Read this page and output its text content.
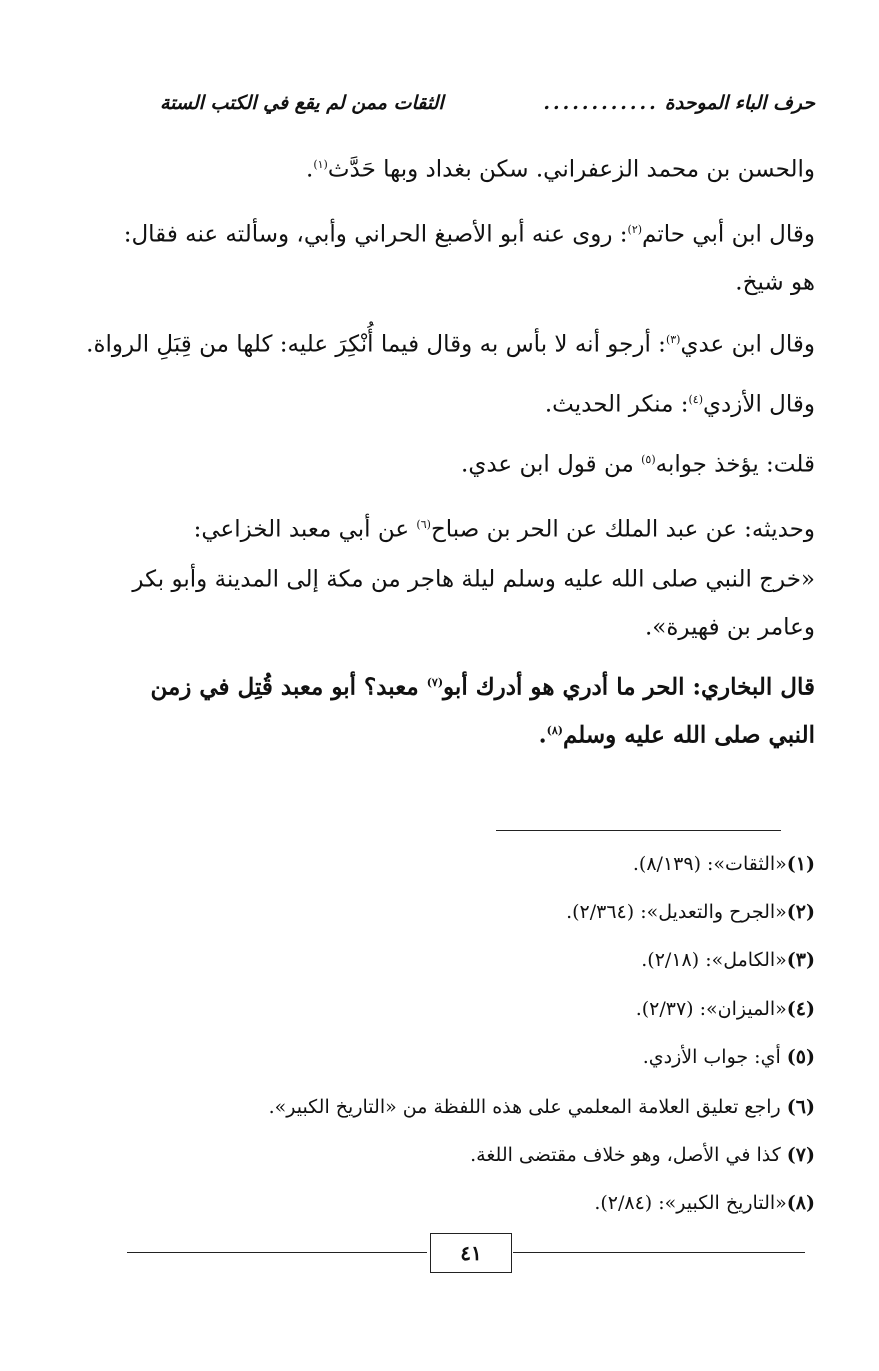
حرف الباء الموحدة
............
الثقات ممن لم يقع في الكتب الستة
والحسن بن محمد الزعفراني. سكن بغداد وبها حَدَّث$^{(١)}$.
وقال ابن أبي حاتم$^{(٢)}$: روى عنه أبو الأصبغ الحراني وأبي، وسألته عنه فقال:
هو شيخ.
وقال ابن عدي$^{(٣)}$: أرجو أنه لا بأس به وقال فيما أُنْكِرَ عليه: كلها من قِبَلِ الرواة.
وقال الأزدي$^{(٤)}$: منكر الحديث.
قلت: يؤخذ جوابه$^{(٥)}$ من قول ابن عدي.
وحديثه: عن عبد الملك عن الحر بن صباح$^{(٦)}$ عن أبي معبد الخزاعي:
«خرج النبي صلى الله عليه وسلم ليلة هاجر من مكة إلى المدينة وأبو بكر
وعامر بن فهيرة».
قال البخاري: الحر ما أدري هو أدرك أبو$^{(٧)}$ معبد؟ أبو معبد قُتِل في زمن
النبي صلى الله عليه وسلم$^{(٨)}$.
(١)«الثقات»: (٨/١٣٩).
(٢)«الجرح والتعديل»: (٢/٣٦٤).
(٣)«الكامل»: (٢/١٨).
(٤)«الميزان»: (٢/٣٧).
(٥) أي: جواب الأزدي.
(٦) راجع تعليق العلامة المعلمي على هذه اللفظة من «التاريخ الكبير».
(٧) كذا في الأصل، وهو خلاف مقتضى اللغة.
(٨)«التاريخ الكبير»: (٢/٨٤).
٤١
